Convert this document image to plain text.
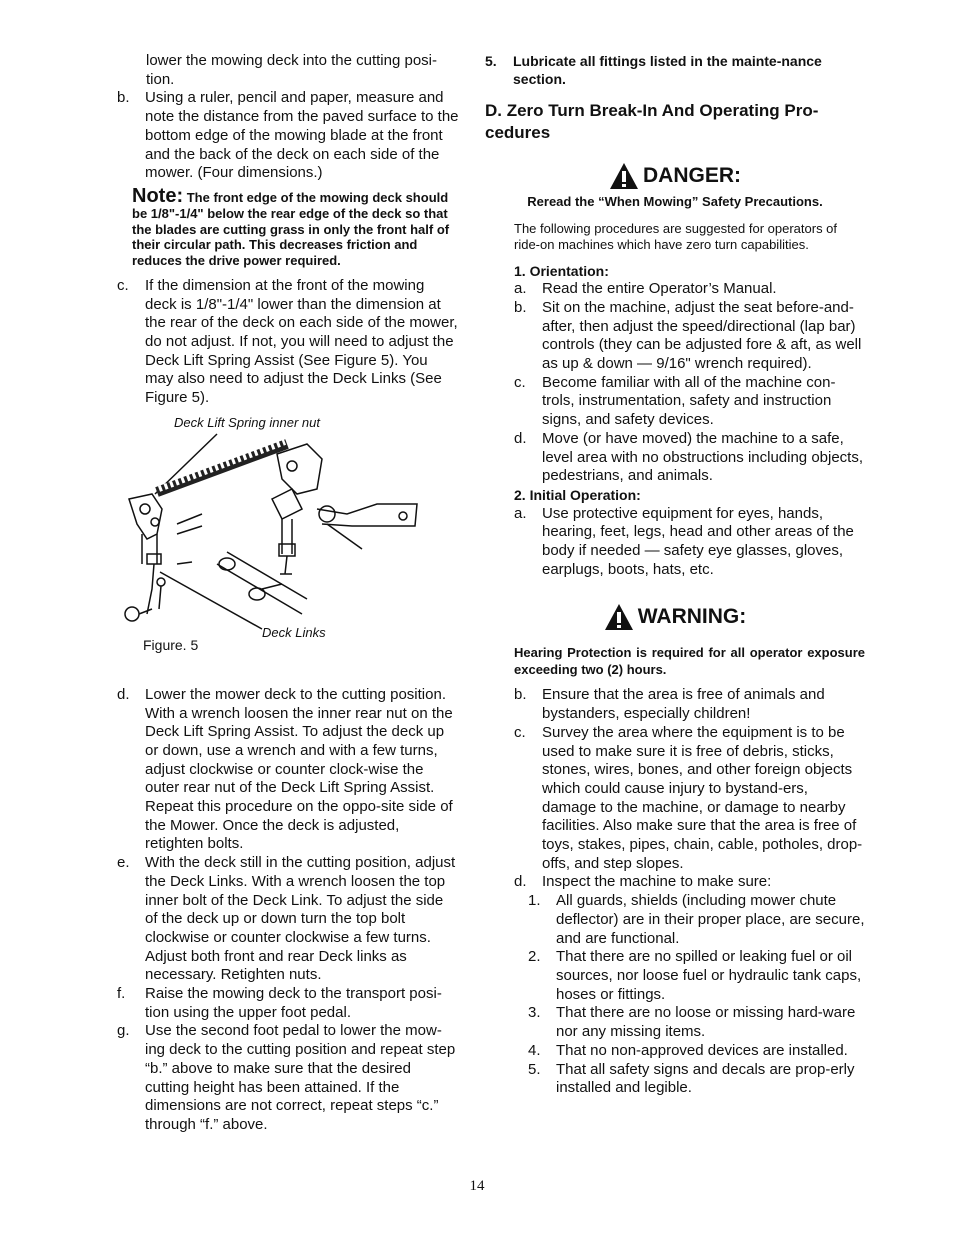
lower the mowing deck into the cutting posi-tion.
b.	Using a ruler, pencil and paper, measure and note the distance from the paved surface to the bottom edge of the mowing blade at the front and the back of the deck on each side of the mower. (Four dimensions.)
Note: The front edge of the mowing deck should be 1/8"-1/4" below the rear edge of the deck so that the blades are cutting grass in only the front half of their circular path. This decreases friction and reduces the drive power required.
c.	If the dimension at the front of the mowing deck is 1/8"-1/4" lower than the dimension at the rear of the deck on each side of the mower, do not adjust. If not, you will need to adjust the Deck Lift Spring Assist (See Figure 5). You may also need to adjust the Deck Links (See Figure 5).
Deck Lift Spring inner nut
Deck Links
Figure. 5
d.	Lower the mower deck to the cutting position. With a wrench loosen the inner rear nut on the Deck Lift Spring Assist. To adjust the deck up or down, use a wrench and with a few turns, adjust clockwise or counter clock-wise the outer rear nut of the Deck Lift Spring Assist. Repeat this procedure on the oppo-site side of the Mower. Once the deck is adjusted, retighten bolts.
e.	With the deck still in the cutting position, adjust the Deck Links. With a wrench loosen the top inner bolt of the Deck Link. To adjust the side of the deck up or down turn the top bolt clockwise or counter clockwise a few turns. Adjust both front and rear Deck links as necessary. Retighten nuts.
f.	Raise the mowing deck to the transport posi-tion using the upper foot pedal.
g.	Use the second foot pedal to lower the mow-ing deck to the cutting position and repeat step “b.” above to make sure that the desired cutting height has been attained. If the dimensions are not correct, repeat steps “c.” through “f.” above.
5.	Lubricate all fittings listed in the mainte-nance section.
D. Zero Turn Break-In And Operating Pro-cedures
DANGER:
Reread the “When Mowing” Safety Precautions.
The following procedures are suggested for operators of ride-on machines which have zero turn capabilities.
1. Orientation:
a.	Read the entire Operator’s Manual.
b.	Sit on the machine, adjust the seat before-and-after, then adjust the speed/directional (lap bar) controls (they can be adjusted fore & aft, as well as up & down — 9/16" wrench required).
c.	Become familiar with all of the machine con-trols, instrumentation, safety and instruction signs, and safety devices.
d.	Move (or have moved) the machine to a safe, level area with no obstructions including objects, pedestrians, and animals.
2. Initial Operation:
a.	Use protective equipment for eyes, hands, hearing, feet, legs, head and other areas of the body if needed — safety eye glasses, gloves, earplugs, boots, hats, etc.
WARNING:
Hearing Protection is required for all operator exposure exceeding two (2) hours.
b.	Ensure that the area is free of animals and bystanders, especially children!
c.	Survey the area where the equipment is to be used to make sure it is free of debris, sticks, stones, wires, bones, and other foreign objects which could cause injury to bystand-ers, damage to the machine, or damage to nearby facilities. Also make sure that the area is free of toys, stakes, pipes, chain, cable, potholes, drop-offs, and step slopes.
d.	Inspect the machine to make sure:
1.	All guards, shields (including mower chute deflector) are in their proper place, are secure, and are functional.
2.	That there are no spilled or leaking fuel or oil sources, nor loose fuel or hydraulic tank caps, hoses or fittings.
3.	That there are no loose or missing hard-ware nor any missing items.
4.	That no non-approved devices are installed.
5.	That all safety signs and decals are prop-erly installed and legible.
14
